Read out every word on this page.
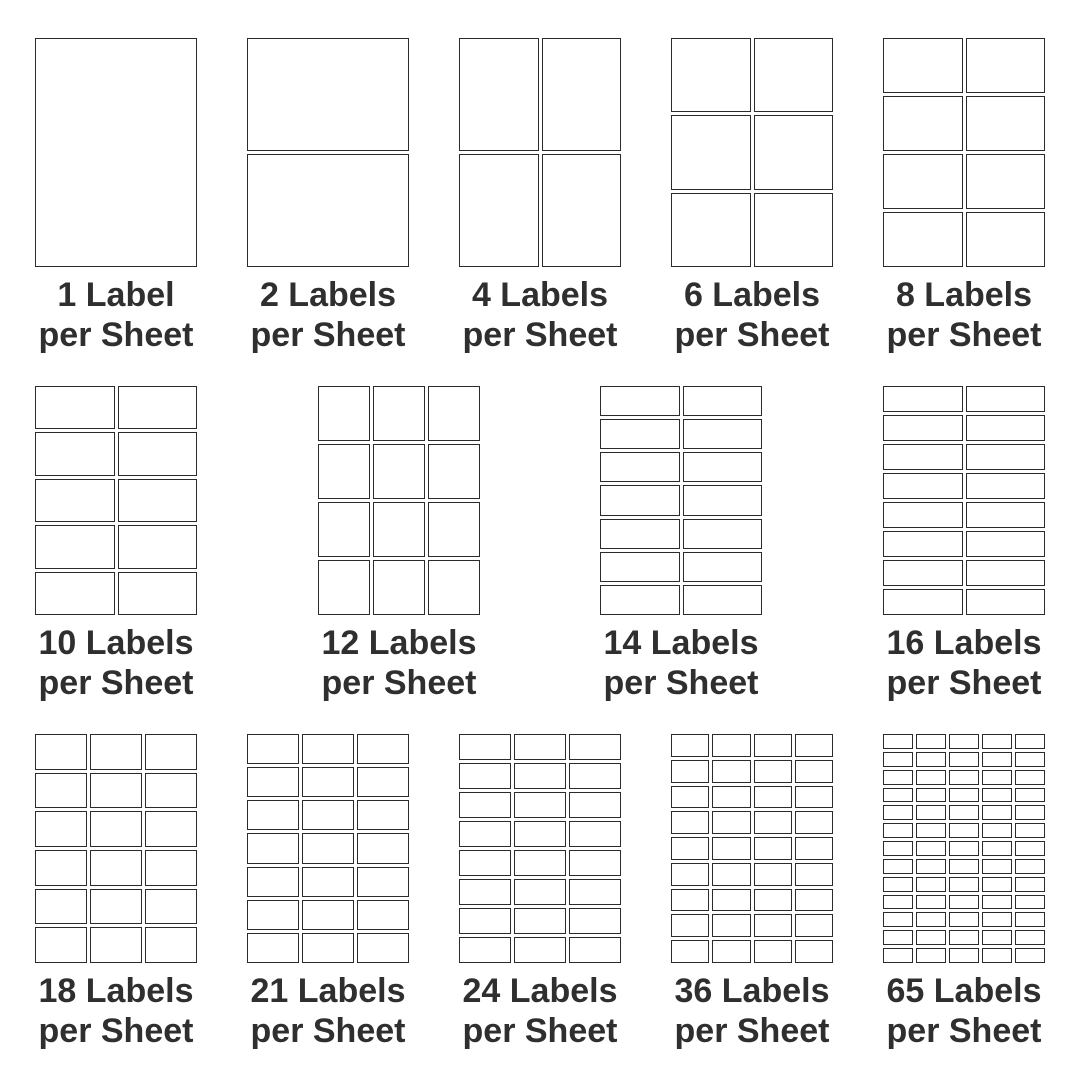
1 Label
per Sheet
2 Labels
per Sheet
4 Labels
per Sheet
6 Labels
per Sheet
8 Labels
per Sheet
10 Labels
per Sheet
12 Labels
per Sheet
14 Labels
per Sheet
16 Labels
per Sheet
18 Labels
per Sheet
21 Labels
per Sheet
24 Labels
per Sheet
36 Labels
per Sheet
65 Labels
per Sheet
